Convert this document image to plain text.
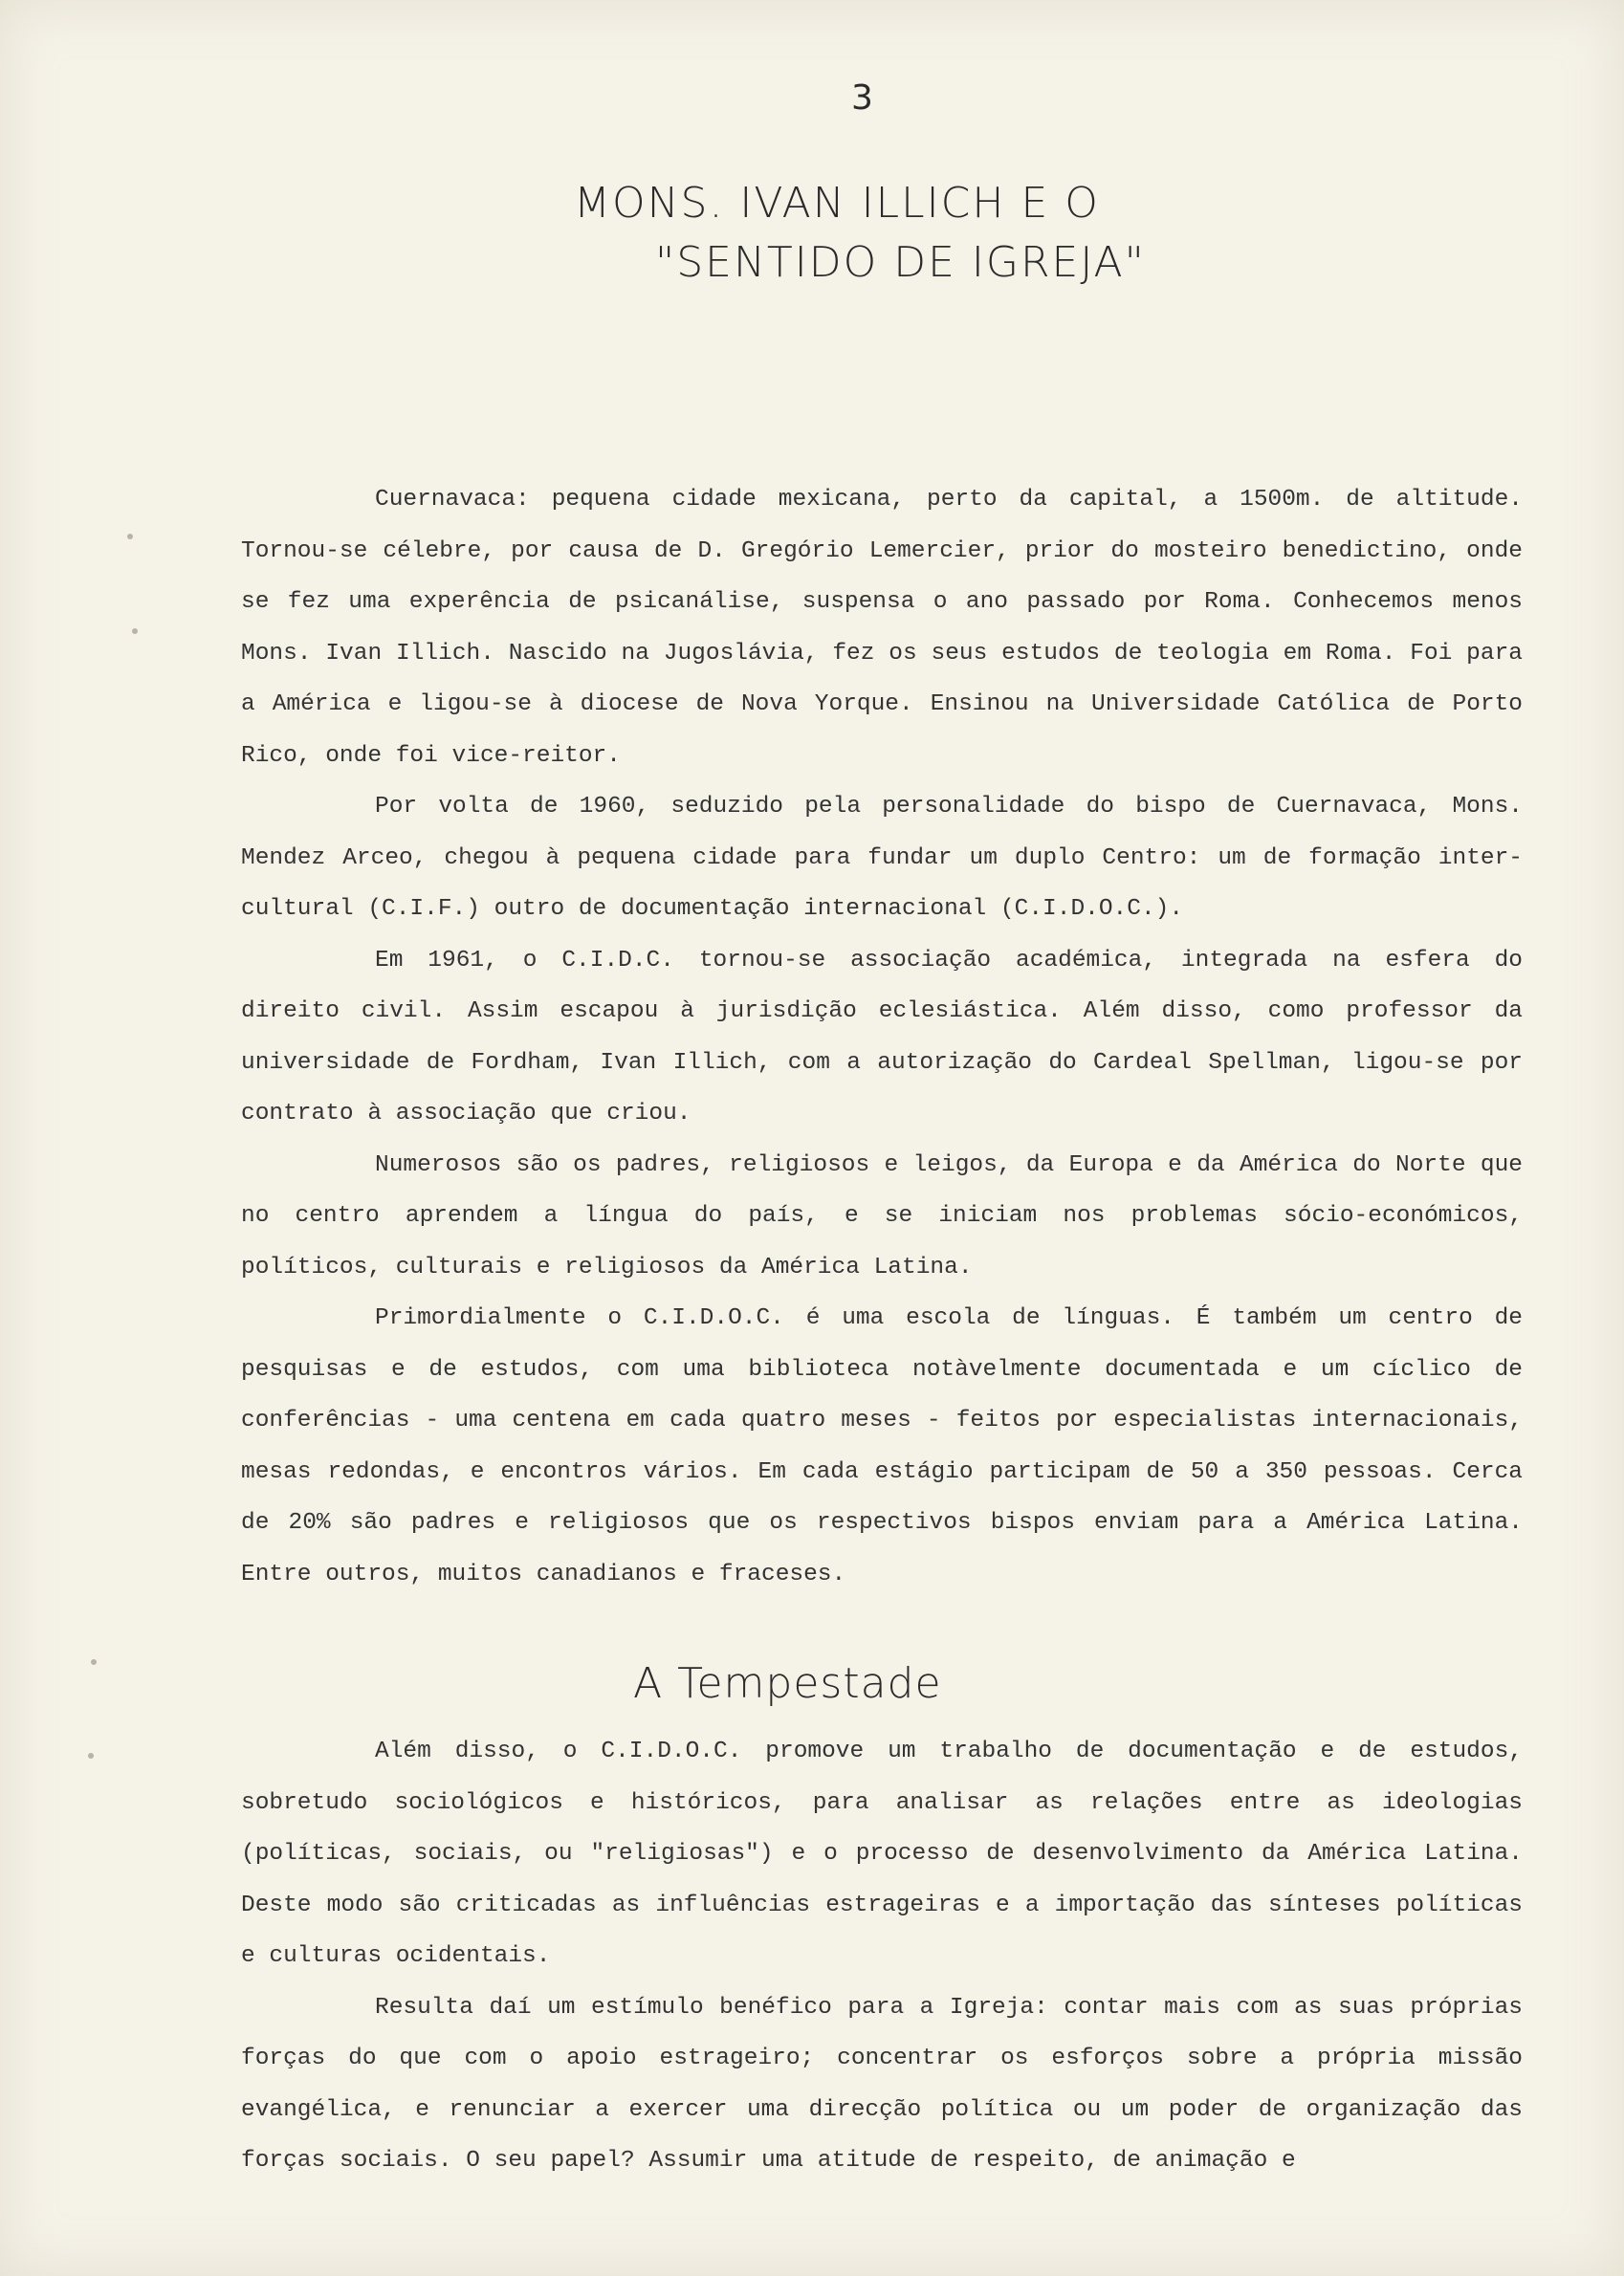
3
MONS. IVAN ILLICH E O
"SENTIDO DE IGREJA"

Cuernavaca: pequena cidade mexicana, perto da capital, a 1500m. de altitude. Tornou-se célebre, por causa de D. Gregório Lemercier, prior do mosteiro benedictino, onde se fez uma experência de psicanálise, suspensa o ano passado por Roma. Conhecemos menos Mons. Ivan Illich. Nascido na Jugoslávia, fez os seus estudos de teologia em Roma. Foi para a América e ligou-se à diocese de Nova Yorque. Ensinou na Universidade Católica de Porto Rico, onde foi vice-reitor.

Por volta de 1960, seduzido pela personalidade do bispo de Cuernavaca, Mons. Mendez Arceo, chegou à pequena cidade para fundar um duplo Centro: um de formação inter-cultural (C.I.F.) outro de documentação internacional (C.I.D.O.C.).

Em 1961, o C.I.D.C. tornou-se associação académica, integrada na esfera do direito civil. Assim escapou à jurisdição eclesiástica. Além disso, como professor da universidade de Fordham, Ivan Illich, com a autorização do Cardeal Spellman, ligou-se por contrato à associação que criou.

Numerosos são os padres, religiosos e leigos, da Europa e da América do Norte que no centro aprendem a língua do país, e se iniciam nos problemas sócio-económicos, políticos, culturais e religiosos da América Latina.

Primordialmente o C.I.D.O.C. é uma escola de línguas. É também um centro de pesquisas e de estudos, com uma biblioteca notàvelmente documentada e um cíclico de conferências - uma centena em cada quatro meses - feitos por especialistas internacionais, mesas redondas, e encontros vários. Em cada estágio participam de 50 a 350 pessoas. Cerca de 20% são padres e religiosos que os respectivos bispos enviam para a América Latina. Entre outros, muitos canadianos e fraceses.

A Tempestade

Além disso, o C.I.D.O.C. promove um trabalho de documentação e de estudos, sobretudo sociológicos e históricos, para analisar as relações entre as ideologias (políticas, sociais, ou "religiosas") e o processo de desenvolvimento da América Latina. Deste modo são criticadas as influências estrageiras e a importação das sínteses políticas e culturas ocidentais.

Resulta daí um estímulo benéfico para a Igreja: contar mais com as suas próprias forças do que com o apoio estrageiro; concentrar os esforços sobre a própria missão evangélica, e renunciar a exercer uma direcção política ou um poder de organização das forças sociais. O seu papel? Assumir uma atitude de respeito, de animação e
